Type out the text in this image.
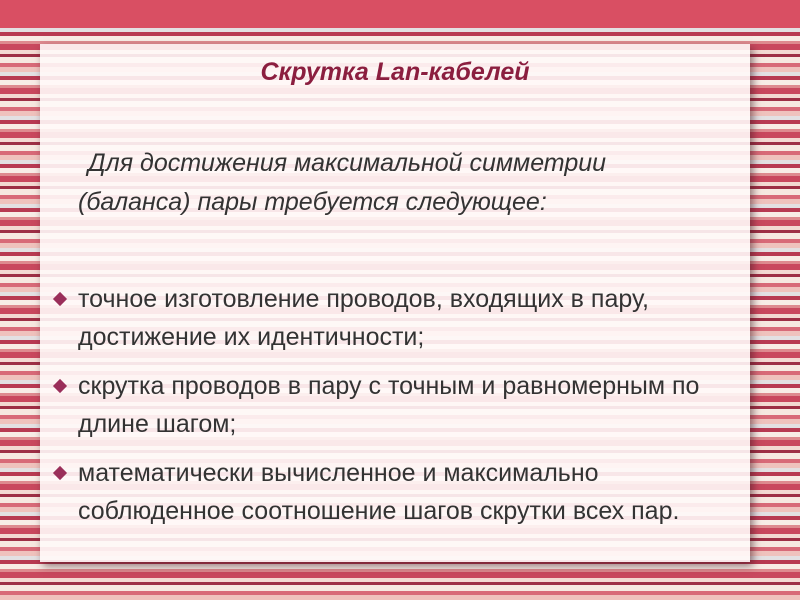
Скрутка Lan-кабелей

Для достижения максимальной симметрии (баланса) пары требуется следующее:

точное изготовление проводов, входящих в пару, достижение их идентичности;
скрутка проводов в пару с точным и равномерным по длине шагом;
математически вычисленное и максимально соблюденное соотношение шагов скрутки всех пар.
